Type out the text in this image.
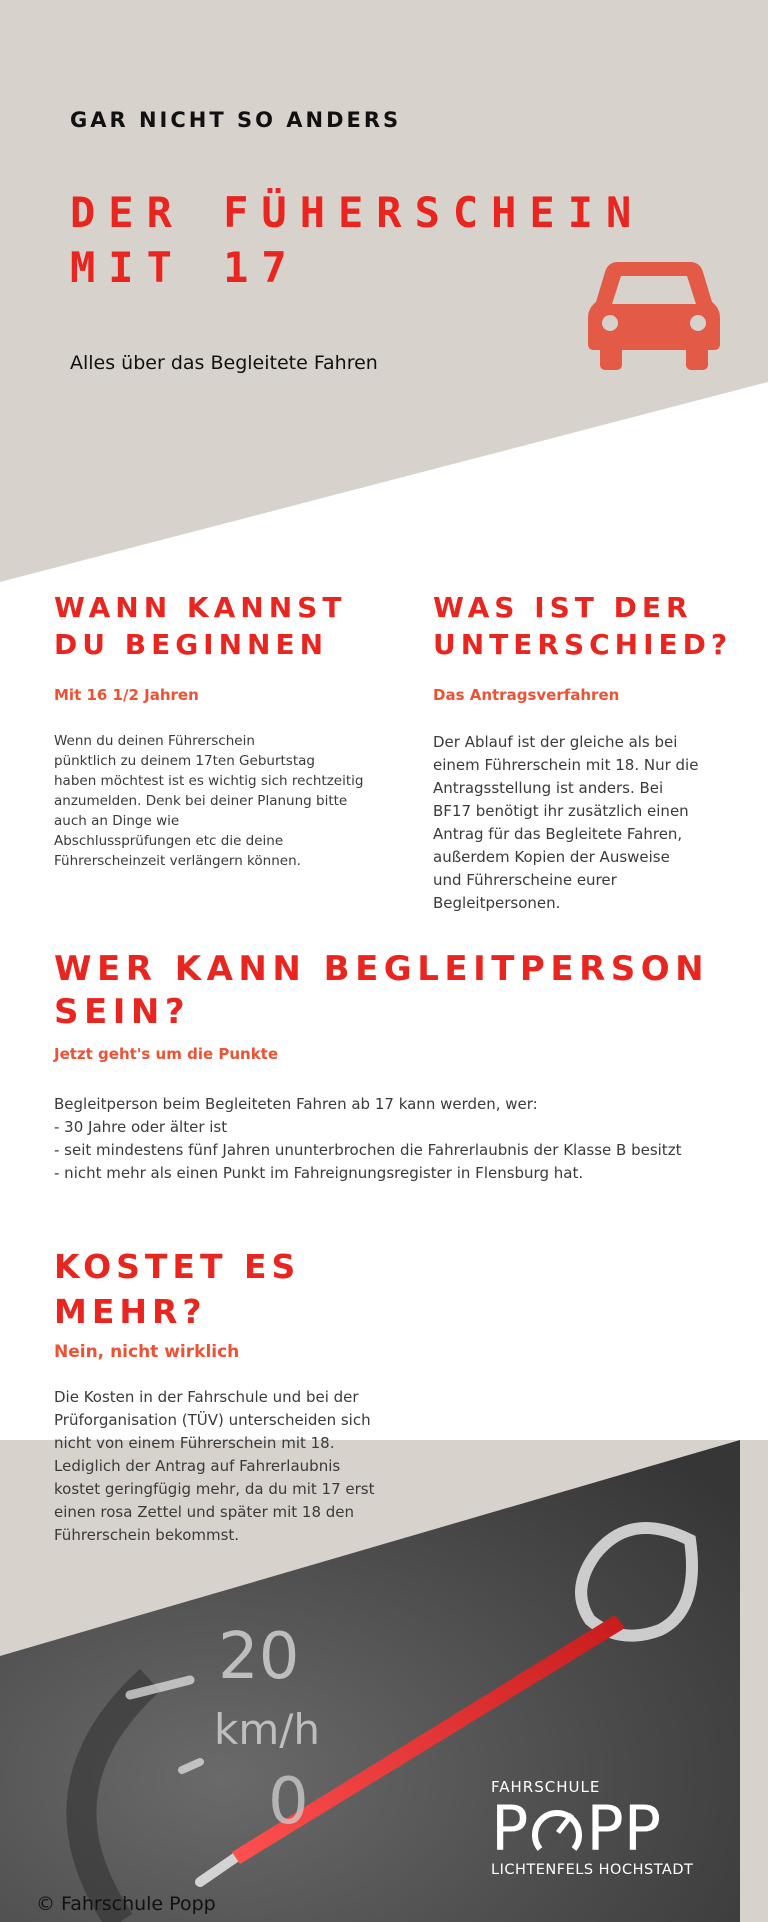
GAR NICHT SO ANDERS

DER FÜHERSCHEIN
MIT 17

Alles über das Begleitete Fahren

WANN KANNST
DU BEGINNEN

Mit 16 1/2 Jahren

Wenn du deinen Führerschein
pünktlich zu deinem 17ten Geburtstag
haben möchtest ist es wichtig sich rechtzeitig
anzumelden. Denk bei deiner Planung bitte
auch an Dinge wie
Abschlussprüfungen etc die deine
Führerscheinzeit verlängern können.
WAS IST DER
UNTERSCHIED?

Das Antragsverfahren

Der Ablauf ist der gleiche als bei
einem Führerschein mit 18. Nur die
Antragsstellung ist anders. Bei
BF17 benötigt ihr zusätzlich einen
Antrag für das Begleitete Fahren,
außerdem Kopien der Ausweise
und Führerscheine eurer
Begleitpersonen.
WER KANN BEGLEITPERSON
SEIN?

Jetzt geht's um die Punkte

Begleitperson beim Begleiteten Fahren ab 17 kann werden, wer:
- 30 Jahre oder älter ist
- seit mindestens fünf Jahren ununterbrochen die Fahrerlaubnis der Klasse B besitzt
- nicht mehr als einen Punkt im Fahreignungsregister in Flensburg hat.
20
km/h
0
KOSTET ES
MEHR?

Nein, nicht wirklich

Die Kosten in der Fahrschule und bei der
Prüforganisation (TÜV) unterscheiden sich
nicht von einem Führerschein mit 18.
Lediglich der Antrag auf Fahrerlaubnis
kostet geringfügig mehr, da du mit 17 erst
einen rosa Zettel und später mit 18 den
Führerschein bekommst.
FAHRSCHULE
P PP
LICHTENFELS HOCHSTADT

© Fahrschule Popp
